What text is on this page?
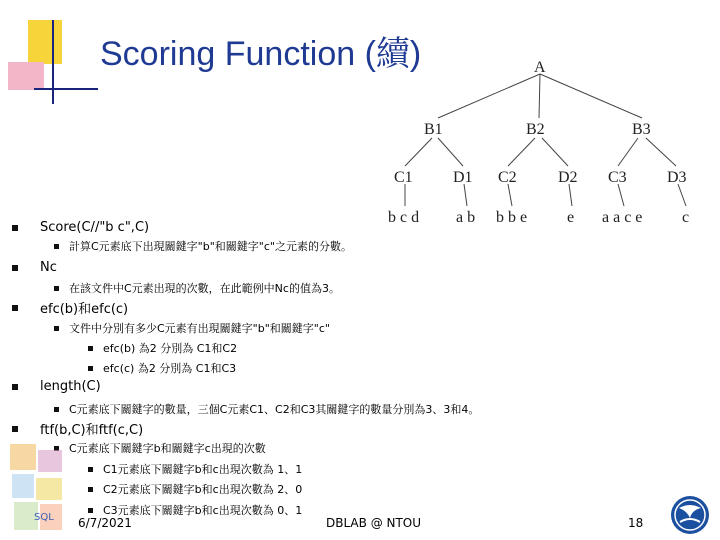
Scoring Function (續)	A
B1	B2	B3
C1	D1 C2	D2 C3	D3
b c d a b b b e e a a c e c
Score(C//"b c",C)
計算C元素底下出現關鍵字"b"和關鍵字"c"之元素的分數。
Nc
在該文件中C元素出現的次數，在此範例中Nc的值為3。
efc(b)和efc(c)
文件中分別有多少C元素有出現關鍵字"b"和關鍵字"c"
efc(b) 為2 分別為 C1和C2
efc(c) 為2 分別為 C1和C3
length(C)
C元素底下關鍵字的數量，三個C元素C1、C2和C3其關鍵字的數量分別為3、3和4。
ftf(b,C)和ftf(c,C)
C元素底下關鍵字b和關鍵字c出現的次數
C1元素底下關鍵字b和c出現次數為 1、1
C2元素底下關鍵字b和c出現次數為 2、0
C3元素底下關鍵字b和c出現次數為 0、1
SQL 6/7/2021	DBLAB @ NTOU	18
